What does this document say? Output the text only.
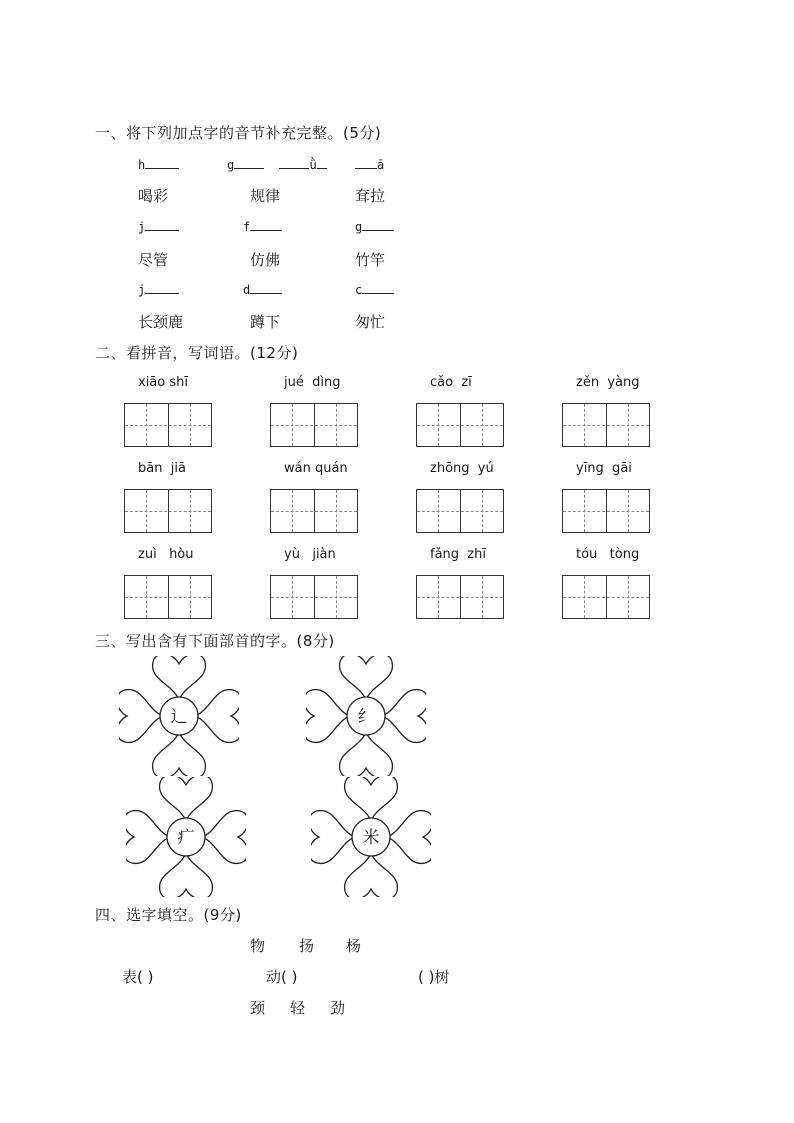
一、将下列加点字的音节补充完整。(5分)
h	g	ǜ	ā
喝彩	规律	耷拉
j	f	g
尽管	仿佛	竹竿
j	d	c
长颈鹿	蹲下	匆忙
二、看拼音，写词语。(12分)
xiāo shī	jué  dìng	cǎo  zī	zěn  yàng
bān  jiā	wán quán	zhōng  yú	yīng  gāi
zuì   hòu	yù   jiàn	fǎng  zhī	tóu   tòng
三、写出含有下面部首的字。(8分)
辶	纟
疒	米
四、选字填空。(9分)
物 扬 杨
表( )	动( )	( )树
颈 轻 劲
